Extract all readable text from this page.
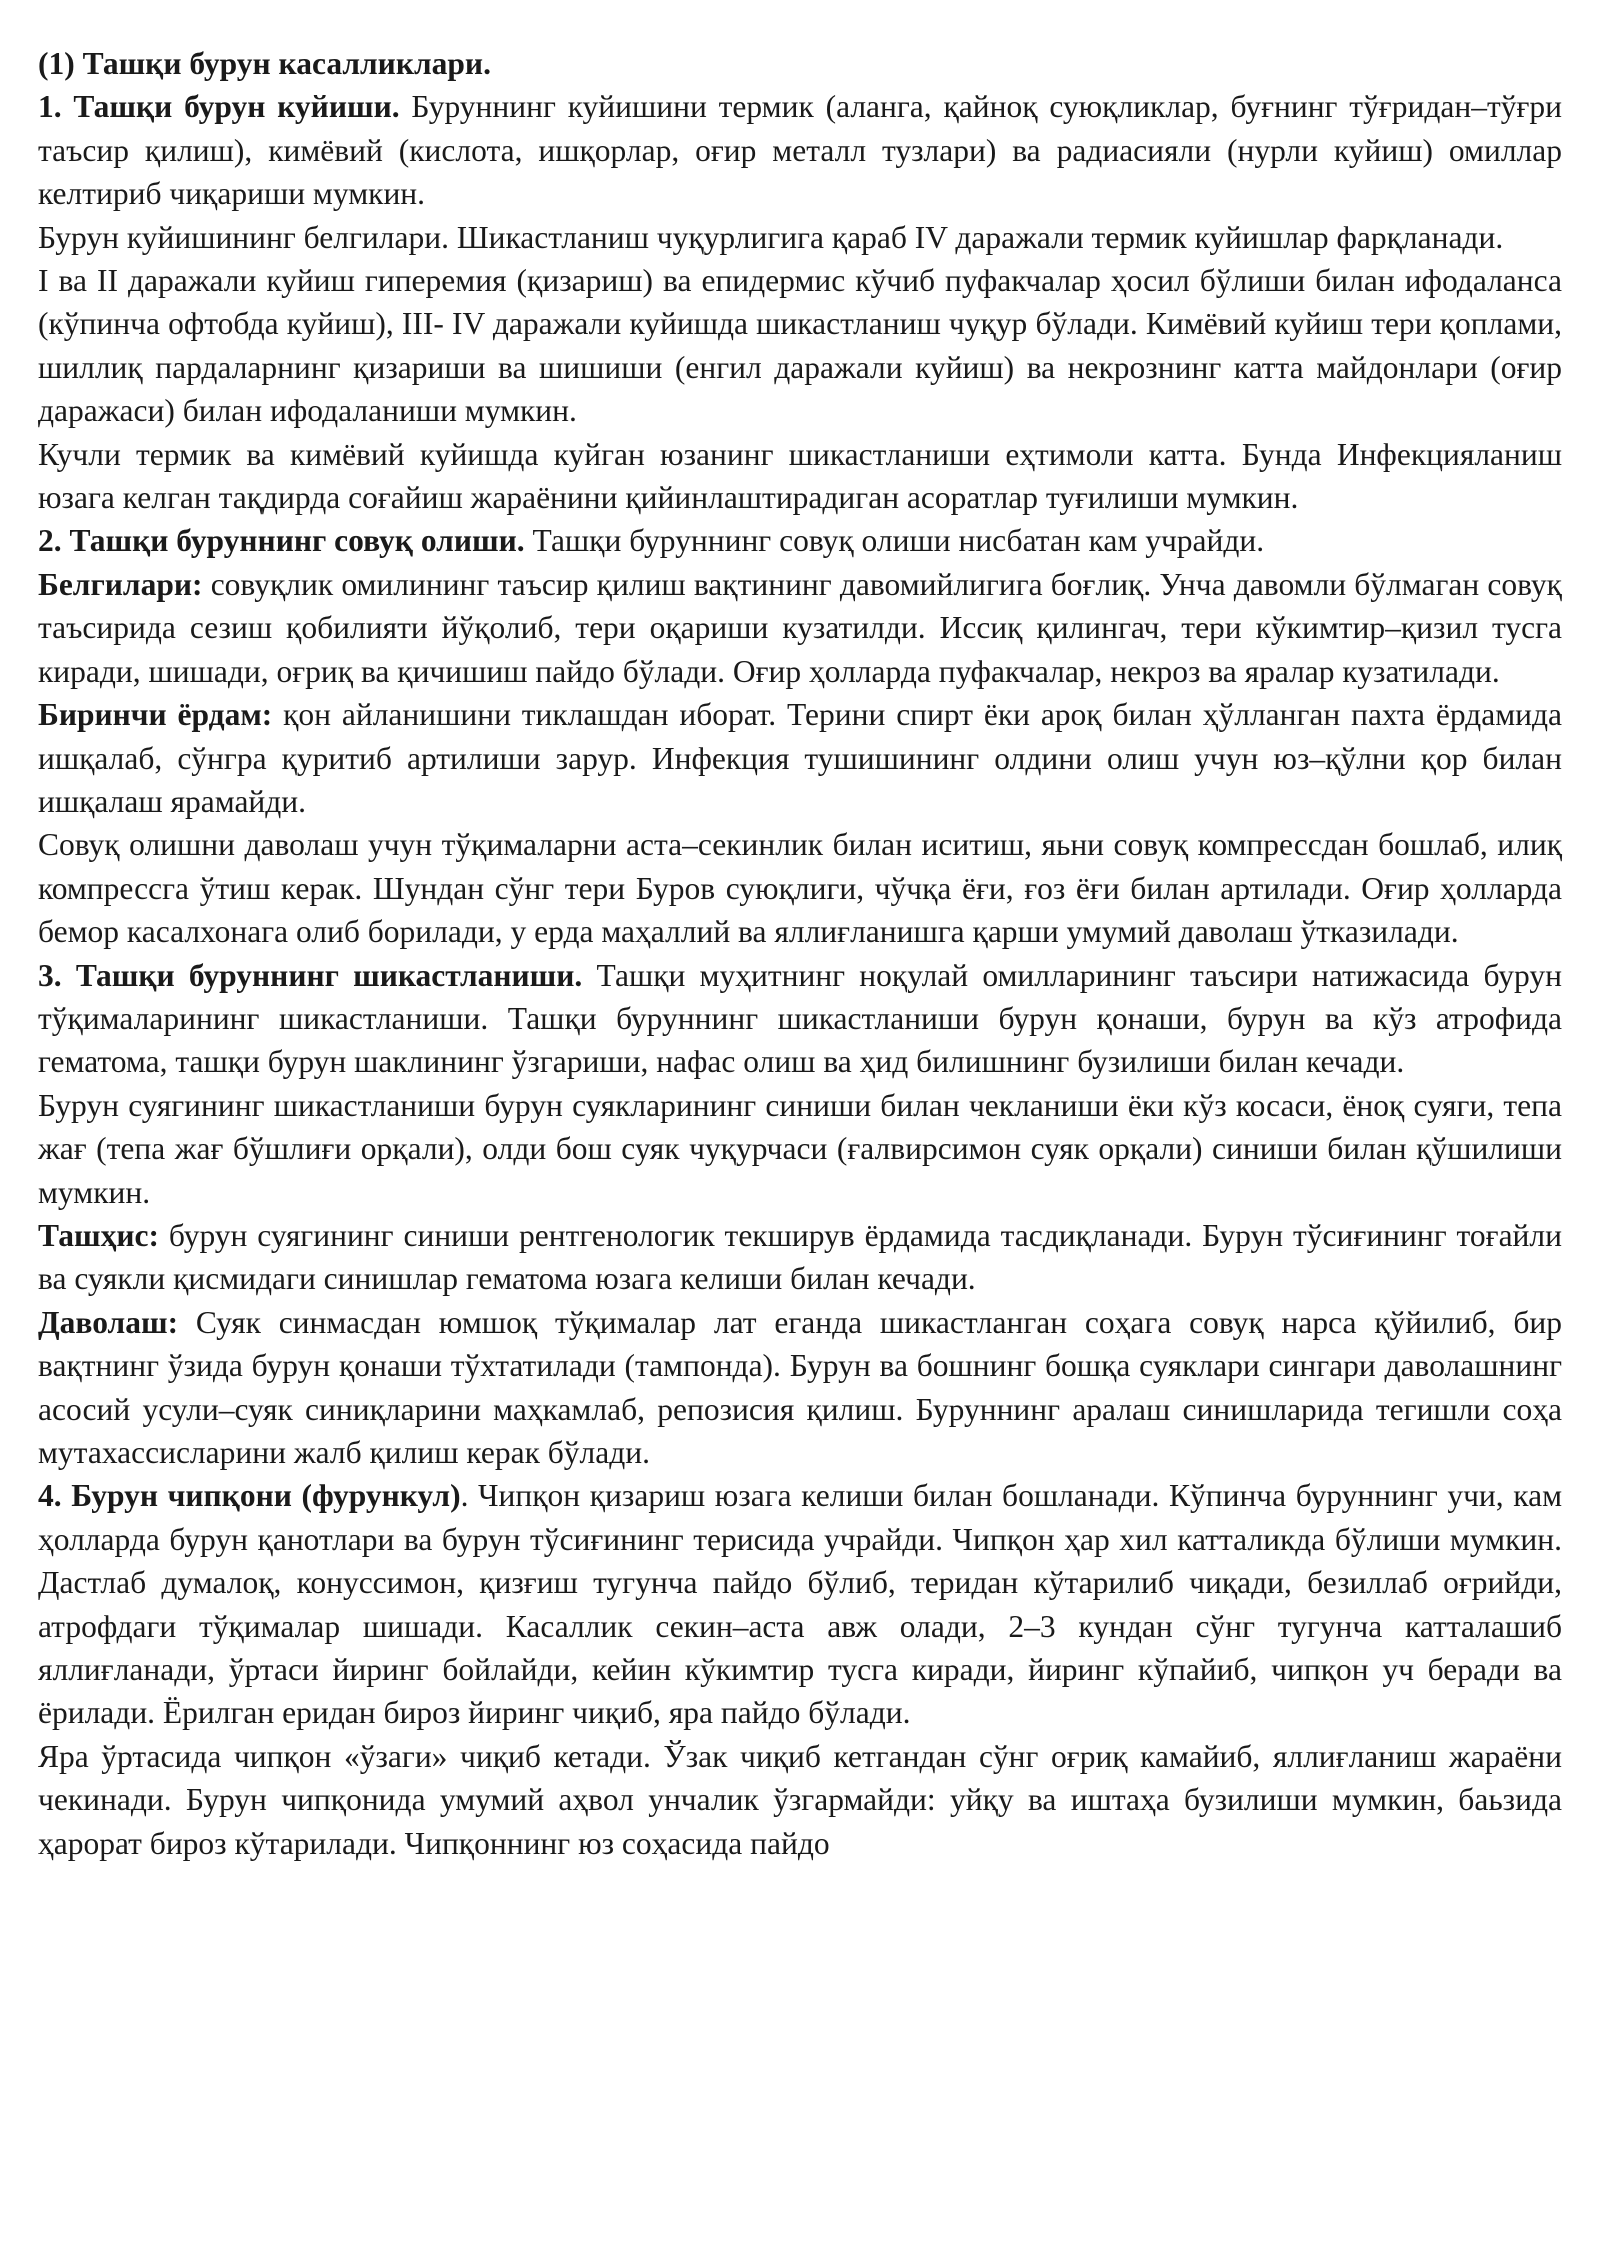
(1) Ташқи бурун касалликлари.

1. Ташқи бурун куйиши. Буруннинг куйишини термик (аланга, қайноқ суюқликлар, буғнинг тўғридан–тўғри таъсир қилиш), кимёвий (кислота, ишқорлар, оғир металл тузлари) ва радиасияли (нурли куйиш) омиллар келтириб чиқариши мумкин.

Бурун куйишининг белгилари. Шикастланиш чуқурлигига қараб IV даражали термик куйишлар фарқланади.

I ва II даражали куйиш гиперемия (қизариш) ва епидермис кўчиб пуфакчалар ҳосил бўлиши билан ифодаланса (кўпинча офтобда куйиш), III- IV даражали куйишда шикастланиш чуқур бўлади. Кимёвий куйиш тери қоплами, шиллиқ пардаларнинг қизариши ва шишиши (енгил даражали куйиш) ва некрознинг катта майдонлари (оғир даражаси) билан ифодаланиши мумкин.

Кучли термик ва кимёвий куйишда куйган юзанинг шикастланиши еҳтимоли катта. Бунда Инфекцияланиш юзага келган тақдирда соғайиш жараёнини қийинлаштирадиган асоратлар туғилиши мумкин.

2. Ташқи буруннинг совуқ олиши. Ташқи буруннинг совуқ олиши нисбатан кам учрайди.

Белгилари: совуқлик омилининг таъсир қилиш вақтининг давомийлигига боғлиқ. Унча давомли бўлмаган совуқ таъсирида сезиш қобилияти йўқолиб, тери оқариши кузатилди. Иссиқ қилингач, тери кўкимтир–қизил тусга киради, шишади, оғриқ ва қичишиш пайдо бўлади. Оғир ҳолларда пуфакчалар, некроз ва яралар кузатилади.

Биринчи ёрдам: қон айланишини тиклашдан иборат. Терини спирт ёки ароқ билан ҳўлланган пахта ёрдамида ишқалаб, сўнгра қуритиб артилиши зарур. Инфекция тушишининг олдини олиш учун юз–қўлни қор билан ишқалаш ярамайди.

Совуқ олишни даволаш учун тўқималарни аста–секинлик билан иситиш, яьни совуқ компрессдан бошлаб, илиқ компрессга ўтиш керак. Шундан сўнг тери Буров суюқлиги, чўчқа ёғи, ғоз ёғи билан артилади. Оғир ҳолларда бемор касалхонага олиб борилади, у ерда маҳаллий ва яллиғланишга қарши умумий даволаш ўтказилади.

3. Ташқи буруннинг шикастланиши. Ташқи муҳитнинг ноқулай омилларининг таъсири натижасида бурун тўқималарининг шикастланиши. Ташқи буруннинг шикастланиши бурун қонаши, бурун ва кўз атрофида гематома, ташқи бурун шаклининг ўзгариши, нафас олиш ва ҳид билишнинг бузилиши билан кечади.

Бурун суягининг шикастланиши бурун суякларининг синиши билан чекланиши ёки кўз косаси, ёноқ суяги, тепа жағ (тепа жағ бўшлиғи орқали), олди бош суяк чуқурчаси (ғалвирсимон суяк орқали) синиши билан қўшилиши мумкин.

Ташҳис: бурун суягининг синиши рентгенологик текширув ёрдамида тасдиқланади. Бурун тўсиғининг тоғайли ва суякли қисмидаги синишлар гематома юзага келиши билан кечади.

Даволаш: Суяк синмасдан юмшоқ тўқималар лат еганда шикастланган соҳага совуқ нарса қўйилиб, бир вақтнинг ўзида бурун қонаши тўхтатилади (тампонда). Бурун ва бошнинг бошқа суяклари сингари даволашнинг асосий усули–суяк синиқларини маҳкамлаб, репозисия қилиш. Буруннинг аралаш синишларида тегишли соҳа мутахассисларини жалб қилиш керак бўлади.

4. Бурун чипқони (фурункул). Чипқон қизариш юзага келиши билан бошланади. Кўпинча буруннинг учи, кам ҳолларда бурун қанотлари ва бурун тўсиғининг терисида учрайди. Чипқон ҳар хил катталикда бўлиши мумкин. Дастлаб думалоқ, конуссимон, қизғиш тугунча пайдо бўлиб, теридан кўтарилиб чиқади, безиллаб оғрийди, атрофдаги тўқималар шишади. Касаллик секин–аста авж олади, 2–3 кундан сўнг тугунча катталашиб яллиғланади, ўртаси йиринг бойлайди, кейин кўкимтир тусга киради, йиринг кўпайиб, чипқон уч беради ва ёрилади. Ёрилган еридан бироз йиринг чиқиб, яра пайдо бўлади.

Яра ўртасида чипқон «ўзаги» чиқиб кетади. Ўзак чиқиб кетгандан сўнг оғриқ камайиб, яллиғланиш жараёни чекинади. Бурун чипқонида умумий аҳвол унчалик ўзгармайди: уйқу ва иштаҳа бузилиши мумкин, баьзида ҳарорат бироз кўтарилади. Чипқоннинг юз соҳасида пайдо
